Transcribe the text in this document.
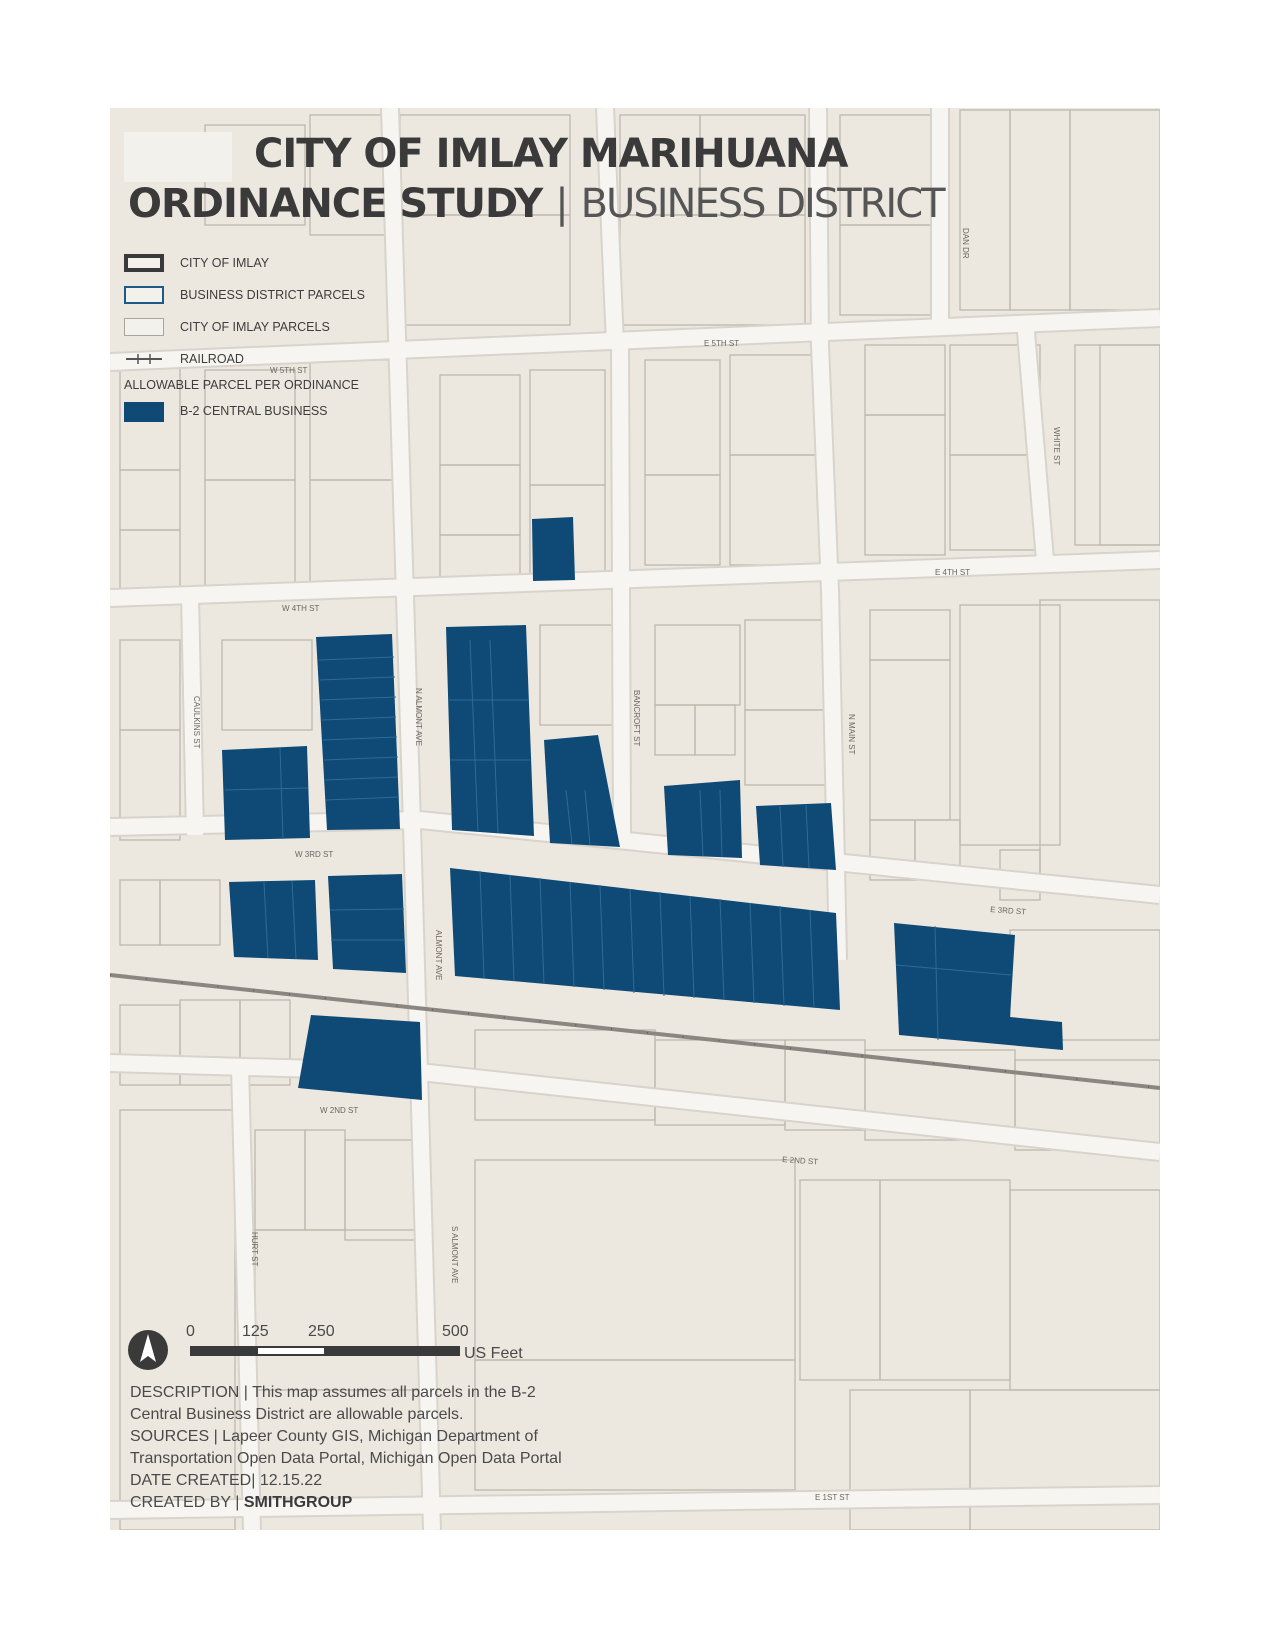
W 5TH ST
E 5TH ST
W 4TH ST
E 4TH ST
W 3RD ST
E 3RD ST
W 2ND ST
E 2ND ST
E 1ST ST
CAULKINS ST	N ALMONT AVE
ALMONT AVE
S ALMONT AVE
BANCROFT ST	N MAIN ST
WHITE ST
DAN DR
HURT ST
CITY OF IMLAY MARIHUANA
ORDINANCE STUDY | BUSINESS DISTRICT
CITY OF IMLAY
BUSINESS DISTRICT PARCELS
CITY OF IMLAY PARCELS
RAILROAD
ALLOWABLE PARCEL PER ORDINANCE
B-2 CENTRAL BUSINESS
0	125 250	500
US Feet
DESCRIPTION | This map assumes all parcels in the B-2
Central Business District are allowable parcels.
SOURCES | Lapeer County GIS, Michigan Department of
Transportation Open Data Portal, Michigan Open Data Portal
DATE CREATED| 12.15.22
CREATED BY | SMITHGROUP
